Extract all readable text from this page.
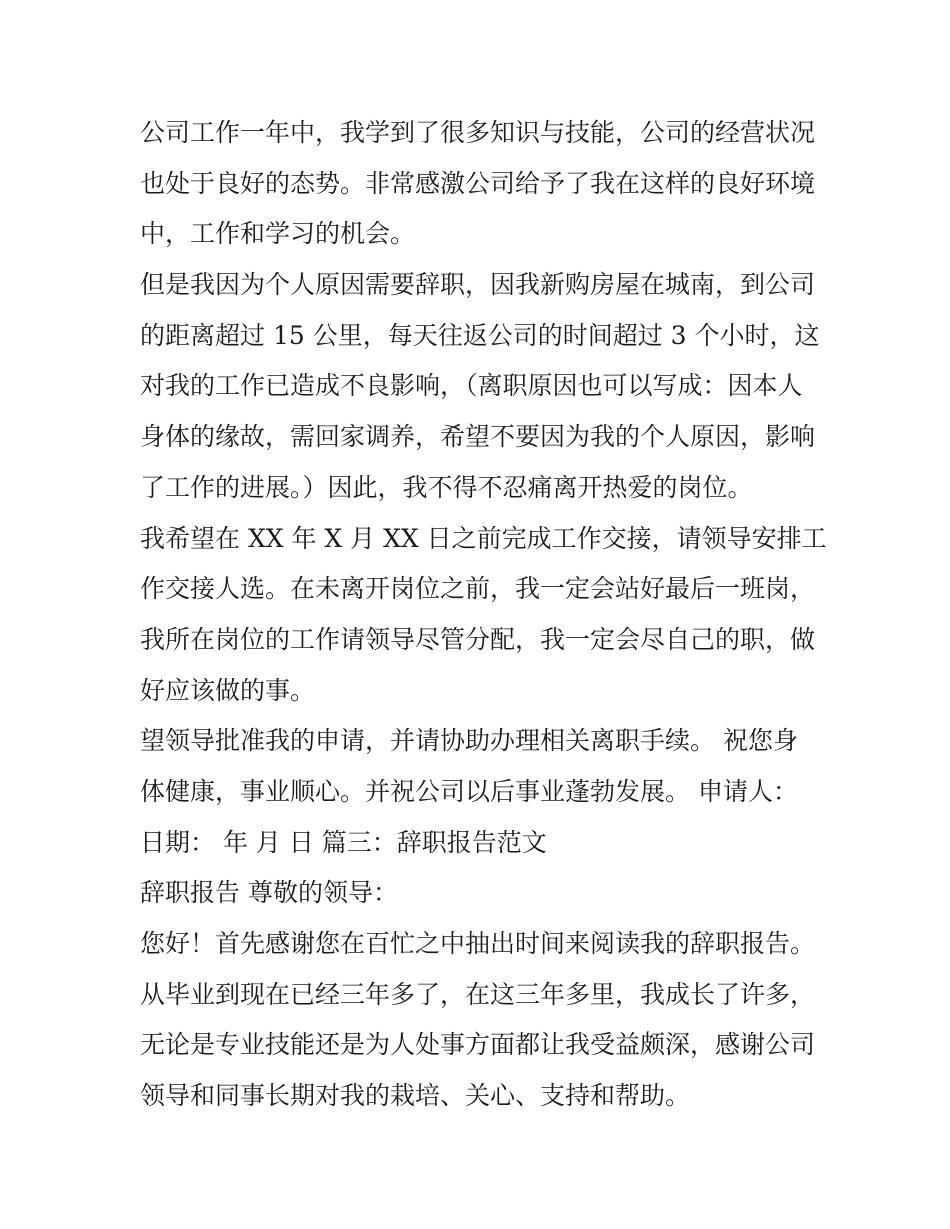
公司工作一年中，我学到了很多知识与技能，公司的经营状况
也处于良好的态势。非常感激公司给予了我在这样的良好环境
中，工作和学习的机会。
但是我因为个人原因需要辞职，因我新购房屋在城南，到公司
的距离超过 15 公里，每天往返公司的时间超过 3 个小时，这
对我的工作已造成不良影响，（离职原因也可以写成：因本人
身体的缘故，需回家调养，希望不要因为我的个人原因，影响
了工作的进展。）因此，我不得不忍痛离开热爱的岗位。
我希望在 XX 年 X 月 XX 日之前完成工作交接，请领导安排工
作交接人选。在未离开岗位之前，我一定会站好最后一班岗，
我所在岗位的工作请领导尽管分配，我一定会尽自己的职，做
好应该做的事。
望领导批准我的申请，并请协助办理相关离职手续。 祝您身
体健康，事业顺心。并祝公司以后事业蓬勃发展。 申请人：
日期： 年 月 日 篇三：辞职报告范文
辞职报告 尊敬的领导：
您好！首先感谢您在百忙之中抽出时间来阅读我的辞职报告。
从毕业到现在已经三年多了，在这三年多里，我成长了许多，
无论是专业技能还是为人处事方面都让我受益颇深，感谢公司
领导和同事长期对我的栽培、关心、支持和帮助。
